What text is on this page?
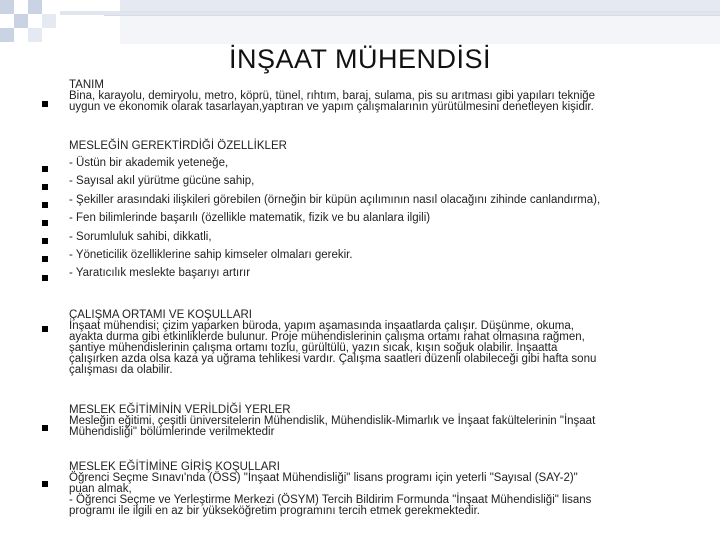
İNŞAAT MÜHENDİSİ
TANIM
Bina, karayolu, demiryolu, metro, köprü, tünel, rıhtım, baraj, sulama, pis su arıtması gibi yapıları tekniğe
uygun ve ekonomik olarak tasarlayan,yaptıran ve yapım çalışmalarının yürütülmesini denetleyen kişidir.
MESLEĞİN GEREKTİRDİĞİ ÖZELLİKLER
- Üstün bir akademik yeteneğe,
- Sayısal akıl yürütme gücüne sahip,
- Şekiller arasındaki ilişkileri görebilen (örneğin bir küpün açılımının nasıl olacağını zihinde canlandırma),
- Fen bilimlerinde başarılı (özellikle matematik, fizik ve bu alanlara ilgili)
- Sorumluluk sahibi, dikkatli,
- Yöneticilik özelliklerine sahip kimseler olmaları gerekir.
- Yaratıcılık meslekte başarıyı artırır
ÇALIŞMA ORTAMI VE KOŞULLARI
İnşaat mühendisi; çizim yaparken büroda, yapım aşamasında inşaatlarda çalışır. Düşünme, okuma,
ayakta durma gibi etkinliklerde bulunur. Proje mühendislerinin çalışma ortamı rahat olmasına rağmen,
şantiye mühendislerinin çalışma ortamı tozlu, gürültülü, yazın sıcak, kışın soğuk olabilir. İnşaatta
çalışırken azda olsa kaza ya uğrama tehlikesi vardır. Çalışma saatleri düzenli olabileceği gibi hafta sonu
çalışması da olabilir.
MESLEK EĞİTİMİNİN VERİLDİĞİ YERLER
Mesleğin eğitimi, çeşitli üniversitelerin Mühendislik, Mühendislik-Mimarlık ve İnşaat fakültelerinin "İnşaat
Mühendisliği" bölümlerinde verilmektedir
MESLEK EĞİTİMİNE GİRİŞ KOŞULLARI
Öğrenci Seçme Sınavı'nda (ÖSS) "İnşaat Mühendisliği" lisans programı için yeterli "Sayısal (SAY-2)"
puan almak,
- Öğrenci Seçme ve Yerleştirme Merkezi (ÖSYM) Tercih Bildirim Formunda "İnşaat Mühendisliği" lisans
programı ile ilgili en az bir yükseköğretim programını tercih etmek gerekmektedir.
